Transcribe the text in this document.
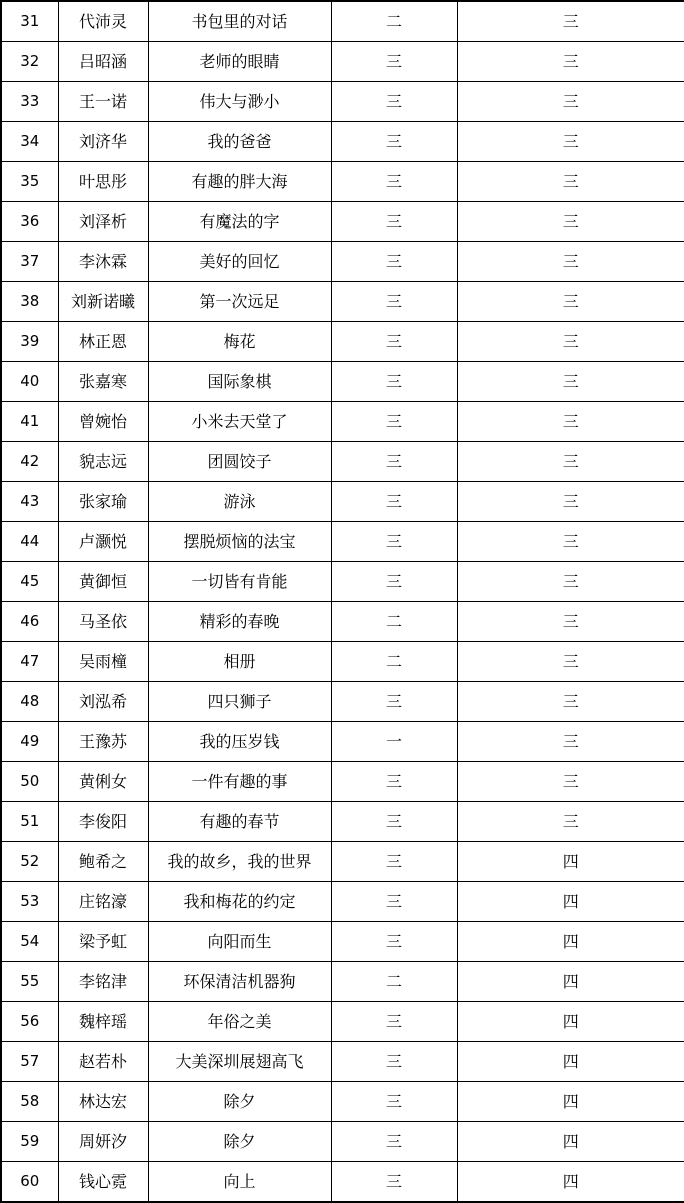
31	代沛灵	书包里的对话	二	三
32	吕昭涵	老师的眼睛	三	三
33	王一诺	伟大与渺小	三	三
34	刘济华	我的爸爸	三	三
35	叶思彤	有趣的胖大海	三	三
36	刘泽析	有魔法的字	三	三
37	李沐霖	美好的回忆	三	三
38	刘新诺曦	第一次远足	三	三
39	林正恩	梅花	三	三
40	张嘉寒	国际象棋	三	三
41	曾婉怡	小米去天堂了	三	三
42	貌志远	团圆饺子	三	三
43	张家瑜	游泳	三	三
44	卢灏悦	摆脱烦恼的法宝	三	三
45	黄御恒	一切皆有肯能	三	三
46	马圣依	精彩的春晚	二	三
47	吴雨橦	相册	二	三
48	刘泓希	四只狮子	三	三
49	王豫苏	我的压岁钱	一	三
50	黄俐女	一件有趣的事	三	三
51	李俊阳	有趣的春节	三	三
52	鲍希之	我的故乡，我的世界	三	四
53	庄铭濠	我和梅花的约定	三	四
54	梁予虹	向阳而生	三	四
55	李铭津	环保清洁机器狗	二	四
56	魏梓瑶	年俗之美	三	四
57	赵若朴	大美深圳展翅高飞	三	四
58	林达宏	除夕	三	四
59	周妍汐	除夕	三	四
60	钱心霓	向上	三	四
